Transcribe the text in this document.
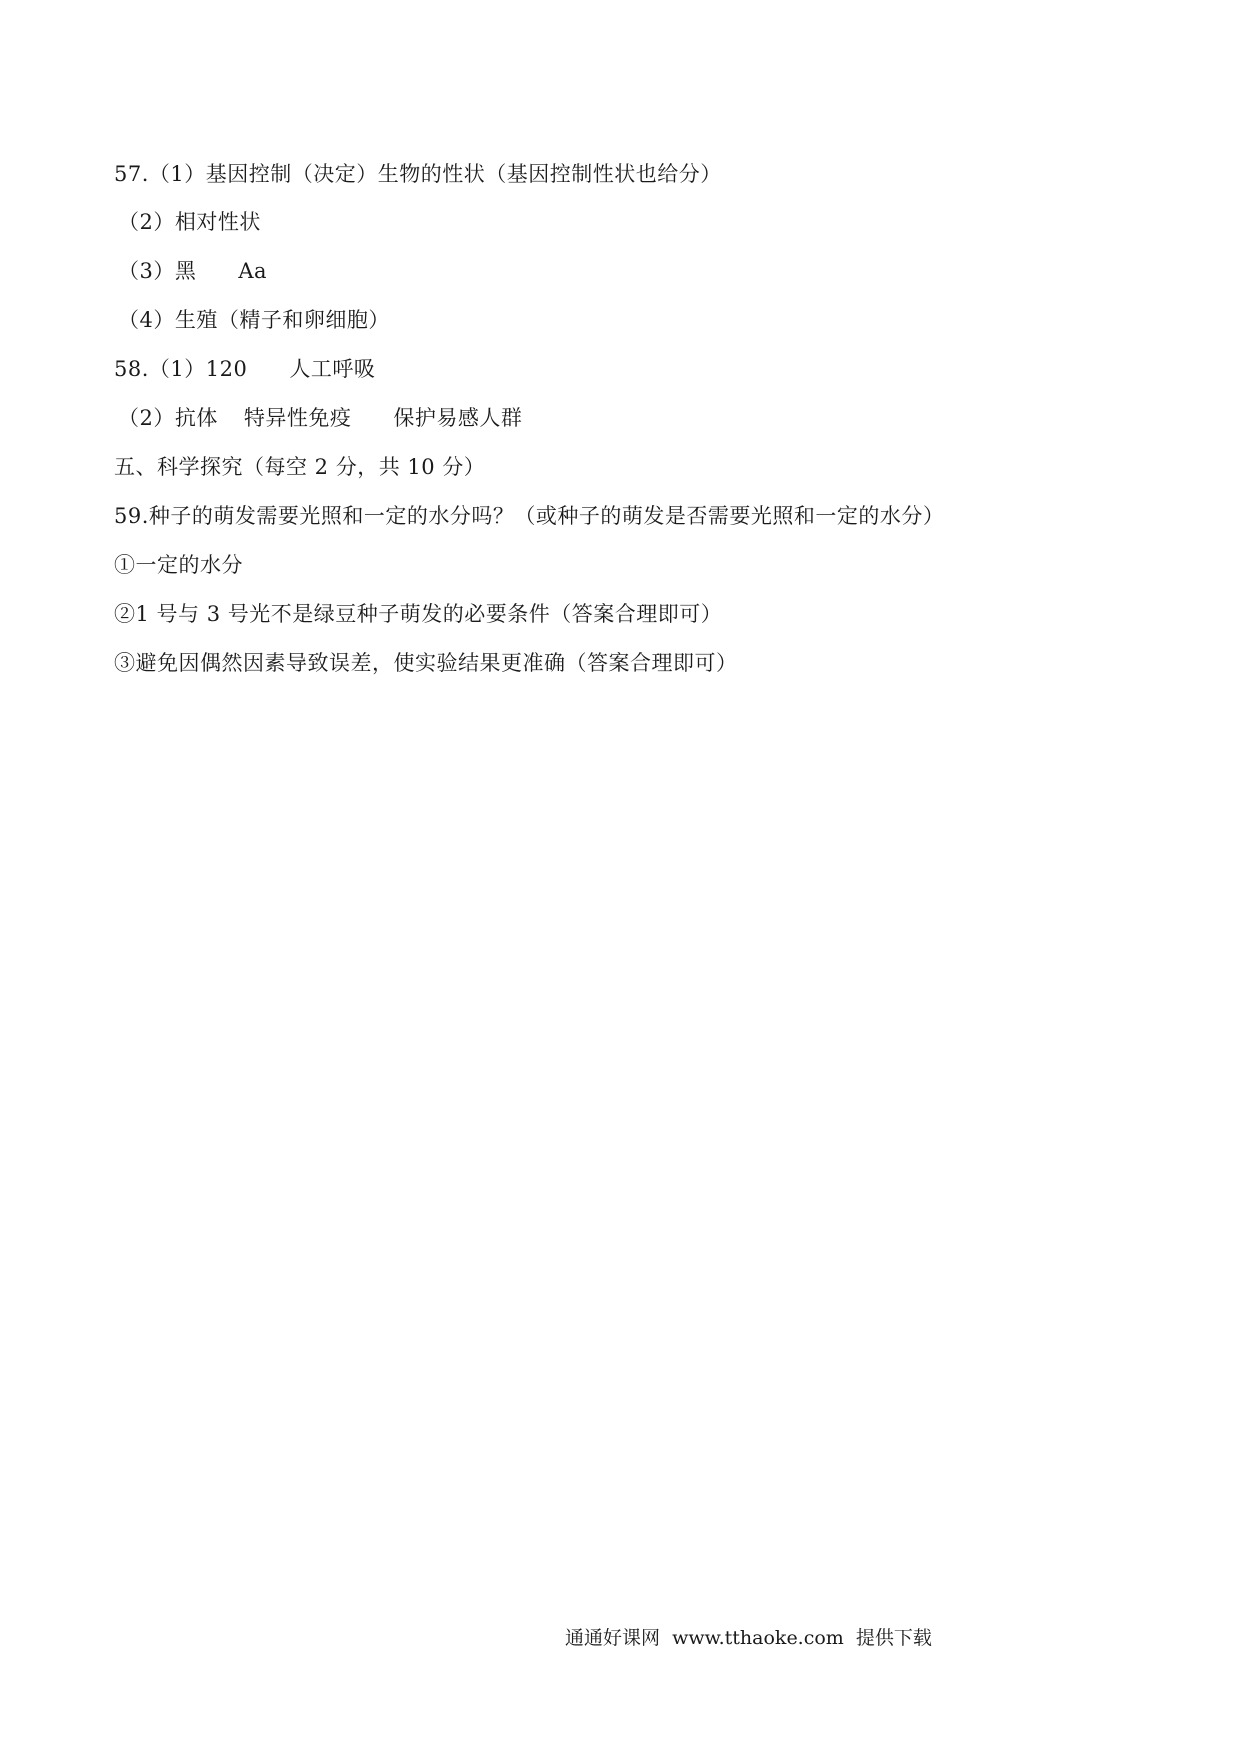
57.（1）基因控制（决定）生物的性状（基因控制性状也给分）
（2）相对性状
（3）黑 Aa
（4）生殖（精子和卵细胞）
58.（1）120 人工呼吸
（2）抗体 特异性免疫 保护易感人群
五、科学探究（每空 2 分，共 10 分）
59.种子的萌发需要光照和一定的水分吗？（或种子的萌发是否需要光照和一定的水分）
①一定的水分
②1 号与 3 号光不是绿豆种子萌发的必要条件（答案合理即可）
③避免因偶然因素导致误差，使实验结果更准确（答案合理即可）
通通好课网  www.tthaoke.com  提供下载
